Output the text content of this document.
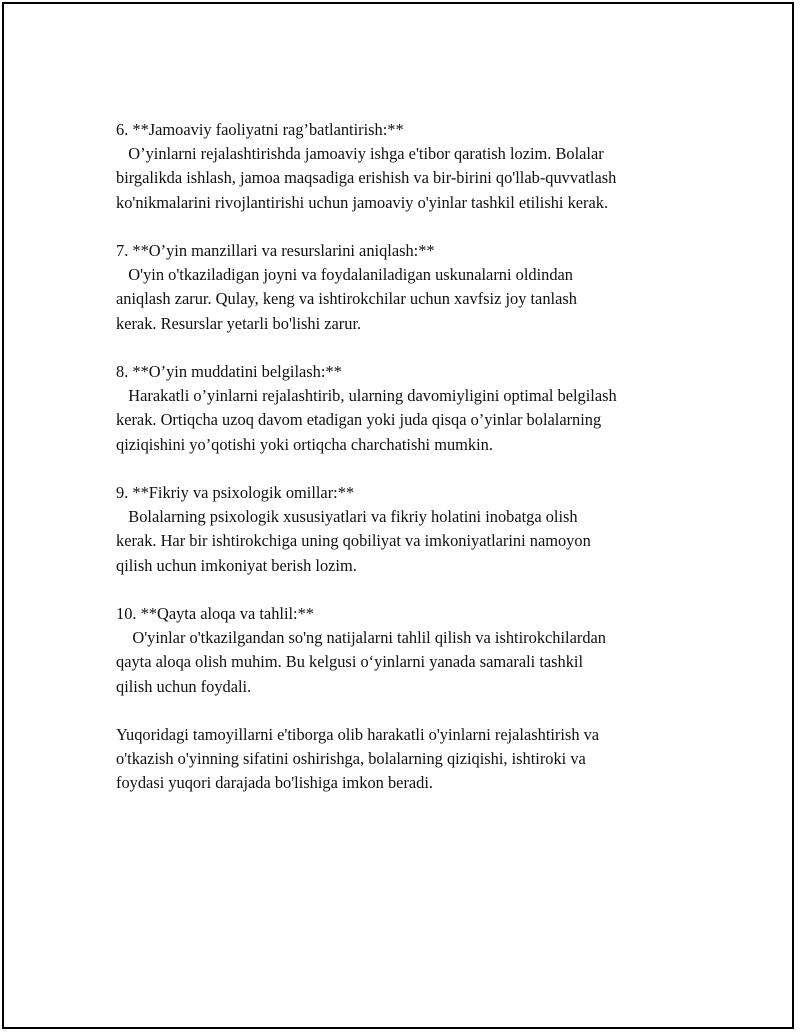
6. **Jamoaviy faoliyatni rag’batlantirish:**
O’yinlarni rejalashtirishda jamoaviy ishga e'tibor qaratish lozim. Bolalar
birgalikda ishlash, jamoa maqsadiga erishish va bir-birini qo'llab-quvvatlash
ko'nikmalarini rivojlantirishi uchun jamoaviy o'yinlar tashkil etilishi kerak.
7. **O’yin manzillari va resurslarini aniqlash:**
O'yin o'tkaziladigan joyni va foydalaniladigan uskunalarni oldindan
aniqlash zarur. Qulay, keng va ishtirokchilar uchun xavfsiz joy tanlash
kerak. Resurslar yetarli bo'lishi zarur.
8. **O’yin muddatini belgilash:**
Harakatli o’yinlarni rejalashtirib, ularning davomiyligini optimal belgilash
kerak. Ortiqcha uzoq davom etadigan yoki juda qisqa o’yinlar bolalarning
qiziqishini yo’qotishi yoki ortiqcha charchatishi mumkin.
9. **Fikriy va psixologik omillar:**
Bolalarning psixologik xususiyatlari va fikriy holatini inobatga olish
kerak. Har bir ishtirokchiga uning qobiliyat va imkoniyatlarini namoyon
qilish uchun imkoniyat berish lozim.
10. **Qayta aloqa va tahlil:**
O'yinlar o'tkazilgandan so'ng natijalarni tahlil qilish va ishtirokchilardan
qayta aloqa olish muhim. Bu kelgusi o‘yinlarni yanada samarali tashkil
qilish uchun foydali.
Yuqoridagi tamoyillarni e'tiborga olib harakatli o'yinlarni rejalashtirish va
o'tkazish o'yinning sifatini oshirishga, bolalarning qiziqishi, ishtiroki va
foydasi yuqori darajada bo'lishiga imkon beradi.
